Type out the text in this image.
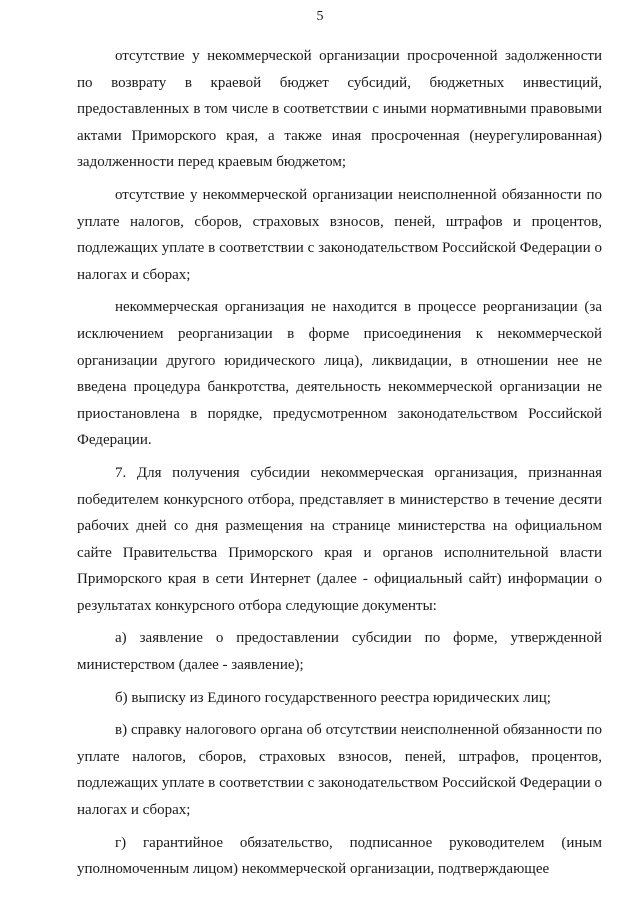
5

отсутствие у некоммерческой организации просроченной задолженности по возврату в краевой бюджет субсидий, бюджетных инвестиций, предоставленных в том числе в соответствии с иными нормативными правовыми актами Приморского края, а также иная просроченная (неурегулированная) задолженности перед краевым бюджетом;

отсутствие у некоммерческой организации неисполненной обязанности по уплате налогов, сборов, страховых взносов, пеней, штрафов и процентов, подлежащих уплате в соответствии с законодательством Российской Федерации о налогах и сборах;

некоммерческая организация не находится в процессе реорганизации (за исключением реорганизации в форме присоединения к некоммерческой организации другого юридического лица), ликвидации, в отношении нее не введена процедура банкротства, деятельность некоммерческой организации не приостановлена в порядке, предусмотренном законодательством Российской Федерации.

7. Для получения субсидии некоммерческая организация, признанная победителем конкурсного отбора, представляет в министерство в течение десяти рабочих дней со дня размещения на странице министерства на официальном сайте Правительства Приморского края и органов исполнительной власти Приморского края в сети Интернет (далее - официальный сайт) информации о результатах конкурсного отбора следующие документы:

а) заявление о предоставлении субсидии по форме, утвержденной министерством (далее - заявление);

б) выписку из Единого государственного реестра юридических лиц;

в) справку налогового органа об отсутствии неисполненной обязанности по уплате налогов, сборов, страховых взносов, пеней, штрафов, процентов, подлежащих уплате в соответствии с законодательством Российской Федерации о налогах и сборах;

г) гарантийное обязательство, подписанное руководителем (иным уполномоченным лицом) некоммерческой организации, подтверждающее
